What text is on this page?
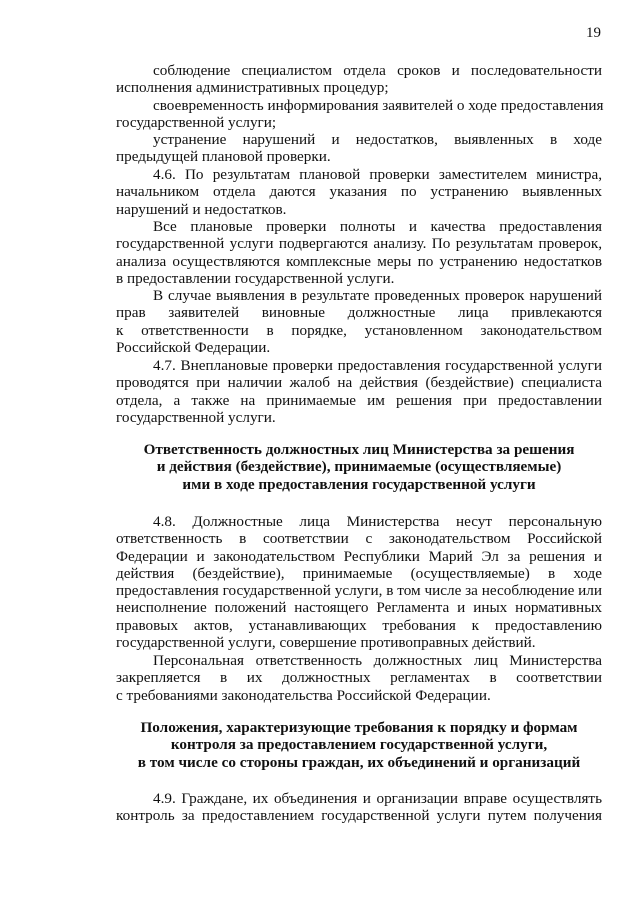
19
соблюдение специалистом отдела сроков и последовательности
исполнения административных процедур;
своевременность информирования заявителей о ходе предоставления
государственной услуги;
устранение нарушений и недостатков, выявленных в ходе
предыдущей плановой проверки.
4.6. По результатам плановой проверки заместителем министра,
начальником отдела даются указания по устранению выявленных
нарушений и недостатков.
Все плановые проверки полноты и качества предоставления
государственной услуги подвергаются анализу. По результатам проверок,
анализа осуществляются комплексные меры по устранению недостатков
в предоставлении государственной услуги.
В случае выявления в результате проведенных проверок нарушений
прав заявителей виновные должностные лица привлекаются
к ответственности в порядке, установленном законодательством
Российской Федерации.
4.7. Внеплановые проверки предоставления государственной услуги
проводятся при наличии жалоб на действия (бездействие) специалиста
отдела, а также на принимаемые им решения при предоставлении
государственной услуги.
Ответственность должностных лиц Министерства за решения
и действия (бездействие), принимаемые (осуществляемые)
ими в ходе предоставления государственной услуги
4.8. Должностные лица Министерства несут персональную
ответственность в соответствии с законодательством Российской
Федерации и законодательством Республики Марий Эл за решения и
действия (бездействие), принимаемые (осуществляемые) в ходе
предоставления государственной услуги, в том числе за несоблюдение или
неисполнение положений настоящего Регламента и иных нормативных
правовых актов, устанавливающих требования к предоставлению
государственной услуги, совершение противоправных действий.
Персональная ответственность должностных лиц Министерства
закрепляется в их должностных регламентах в соответствии
с требованиями законодательства Российской Федерации.
Положения, характеризующие требования к порядку и формам
контроля за предоставлением государственной услуги,
в том числе со стороны граждан, их объединений и организаций
4.9. Граждане, их объединения и организации вправе осуществлять
контроль за предоставлением государственной услуги путем получения
